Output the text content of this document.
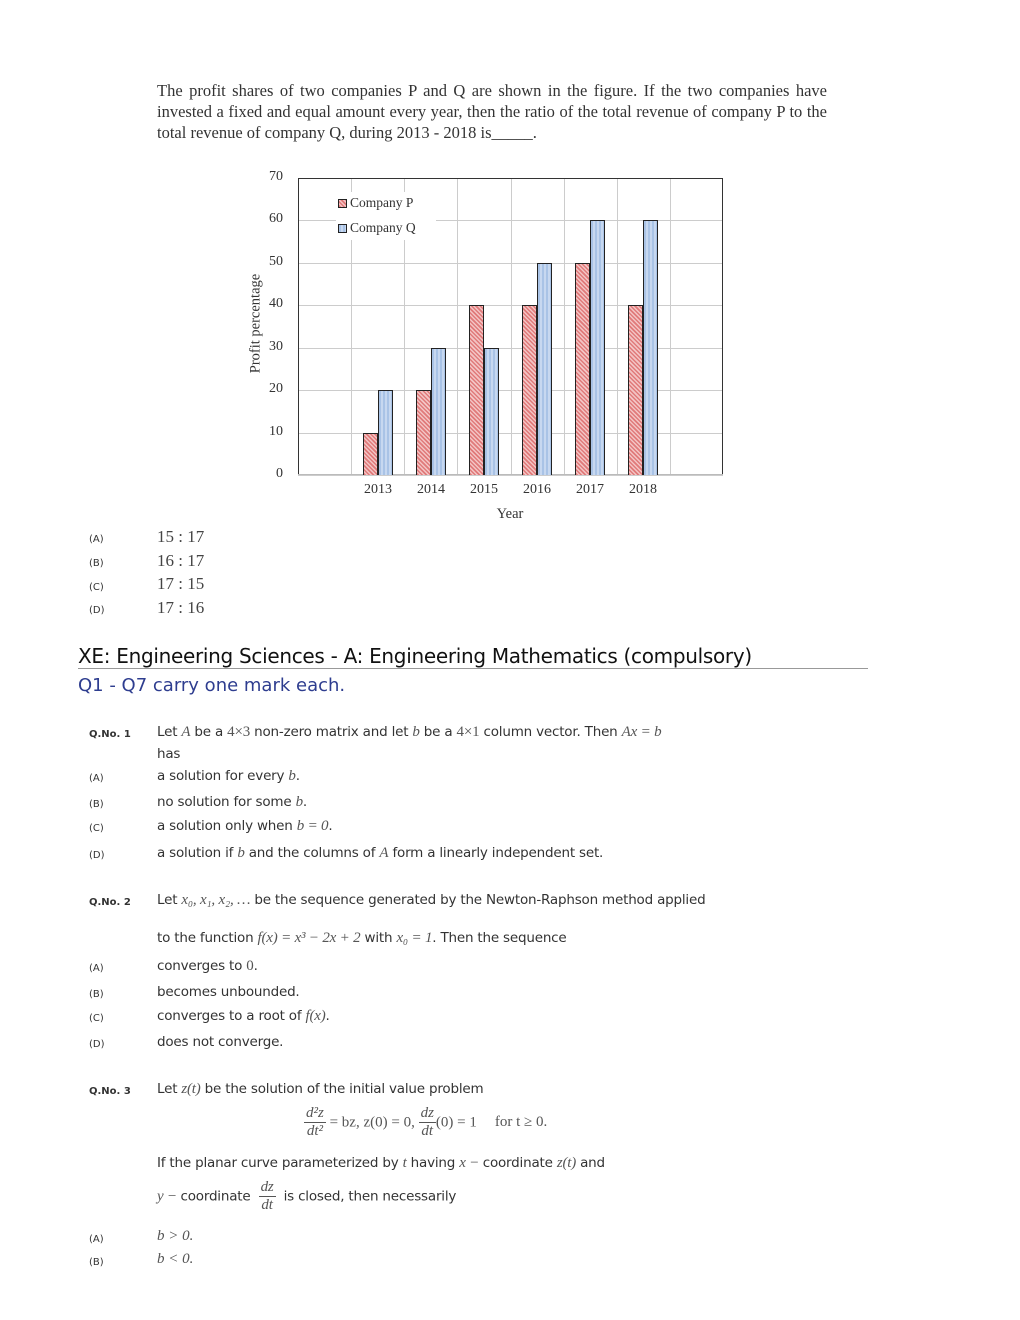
The profit shares of two companies P and Q are shown in the figure. If the two companies have invested a fixed and equal amount every year, then the ratio of the total revenue of company P to the total revenue of company Q, during 2013 - 2018 is_____.
Profit percentage
0
10
20
30
40
50
60
70
2013	2014	2015	2016	2017	2018
Year
Company P
Company Q
(A)	15 : 17
(B)	16 : 17
(C)	17 : 15
(D)	17 : 16
XE: Engineering Sciences - A: Engineering Mathematics (compulsory)
Q1 - Q7 carry one mark each.
Q.No. 1 Let A be a 4×3 non-zero matrix and let b be a 4×1 column vector. Then Ax = b
has
(A)	a solution for every b.
(B)	no solution for some b.
(C)	a solution only when b = 0.
(D)	a solution if b and the columns of A form a linearly independent set.
Q.No. 2 Let x₀, x₁, x₂, … be the sequence generated by the Newton-Raphson method applied
to the function f(x) = x³ − 2x + 2 with x₀ = 1. Then the sequence
(A)	converges to 0.
(B)	becomes unbounded.
(C)	converges to a root of f(x).
(D)	does not converge.
Q.No. 3 Let z(t) be the solution of the initial value problem
$\frac{\text{d²z}}{\text{dt²}}$ = bz, z(0) = 0, $\frac{dz}{dt} (0) = 1$ for t ≥ 0.
If the planar curve parameterized by t having x − coordinate z(t) and
y − coordinate $\frac{dz}{dt}$ is closed, then necessarily
(A)	b > 0.
(B)	b < 0.
